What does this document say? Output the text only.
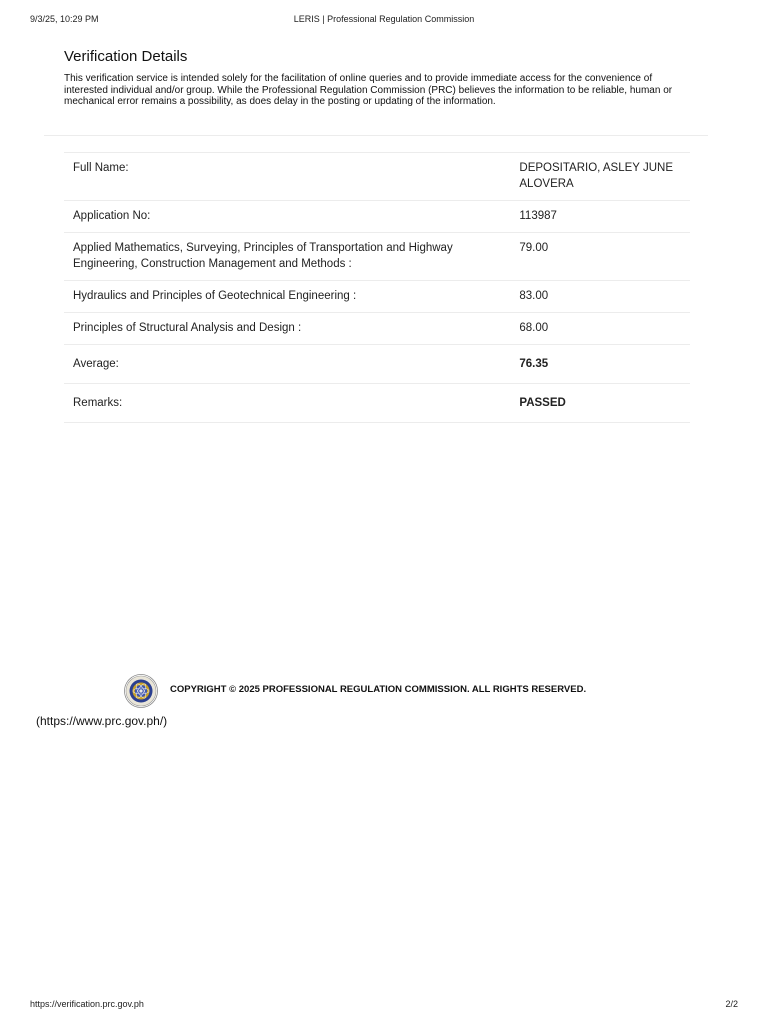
9/3/25, 10:29 PM	LERIS | Professional Regulation Commission
Verification Details

This verification service is intended solely for the facilitation of online queries and to provide immediate access for the convenience of interested individual and/or group. While the Professional Regulation Commission (PRC) believes the information to be reliable, human or mechanical error remains a possibility, as does delay in the posting or updating of the information.

Full Name:	DEPOSITARIO, ASLEY JUNE ALOVERA
Application No:	113987
Applied Mathematics, Surveying, Principles of Transportation and Highway Engineering, Construction Management and Methods :	79.00
Hydraulics and Principles of Geotechnical Engineering :	83.00
Principles of Structural Analysis and Design :	68.00
Average:	76.35
Remarks:	PASSED
COPYRIGHT © 2025 PROFESSIONAL REGULATION COMMISSION. ALL RIGHTS RESERVED.
(https://www.prc.gov.ph/)
https://verification.prc.gov.ph	2/2
